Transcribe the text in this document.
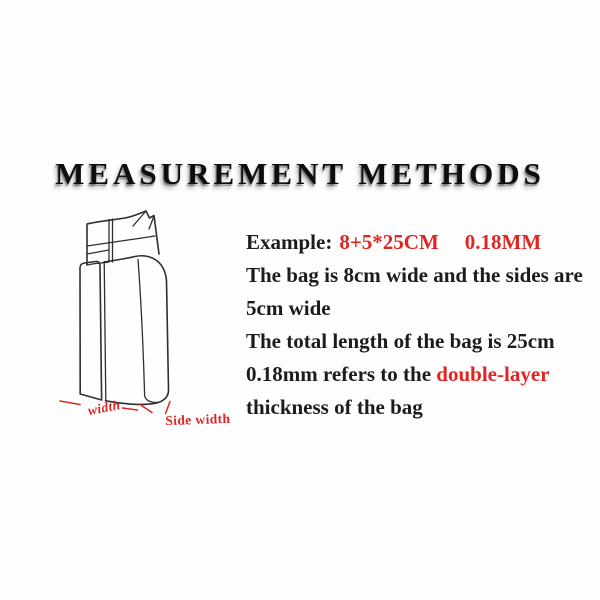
MEASUREMENT METHODS
width
Side width

Example: 8+5*25CM 0.18MM

The bag is 8cm wide and the sides are

5cm wide

The total length of the bag is 25cm

0.18mm refers to the double-layer

thickness of the bag
